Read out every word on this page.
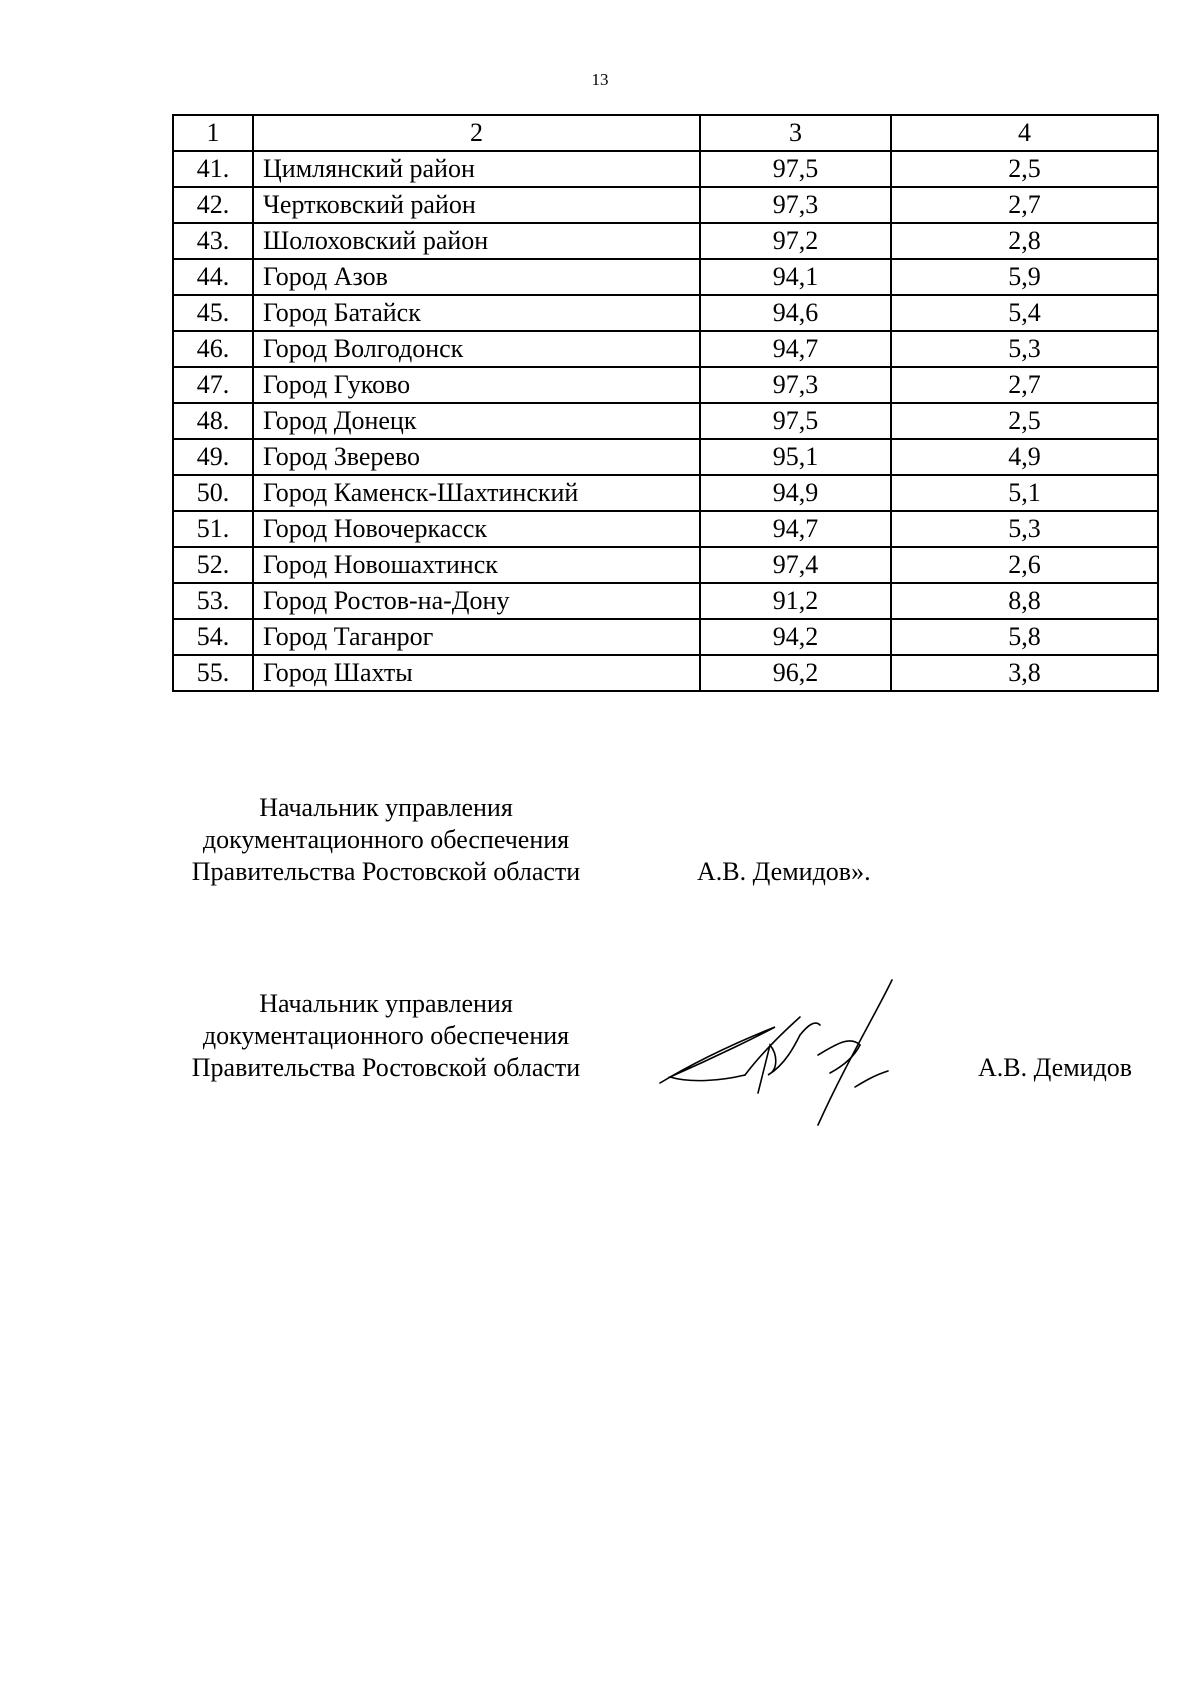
13
1	2	3	4
41.	Цимлянский район	97,5	2,5
42.	Чертковский район	97,3	2,7
43.	Шолоховский район	97,2	2,8
44.	Город Азов	94,1	5,9
45.	Город Батайск	94,6	5,4
46.	Город Волгодонск	94,7	5,3
47.	Город Гуково	97,3	2,7
48.	Город Донецк	97,5	2,5
49.	Город Зверево	95,1	4,9
50.	Город Каменск-Шахтинский	94,9	5,1
51.	Город Новочеркасск	94,7	5,3
52.	Город Новошахтинск	97,4	2,6
53.	Город Ростов-на-Дону	91,2	8,8
54.	Город Таганрог	94,2	5,8
55.	Город Шахты	96,2	3,8
Начальник управления
документационного обеспечения
Правительства Ростовской области	А.В. Демидов».
Начальник управления
документационного обеспечения
Правительства Ростовской области	А.В. Демидов
